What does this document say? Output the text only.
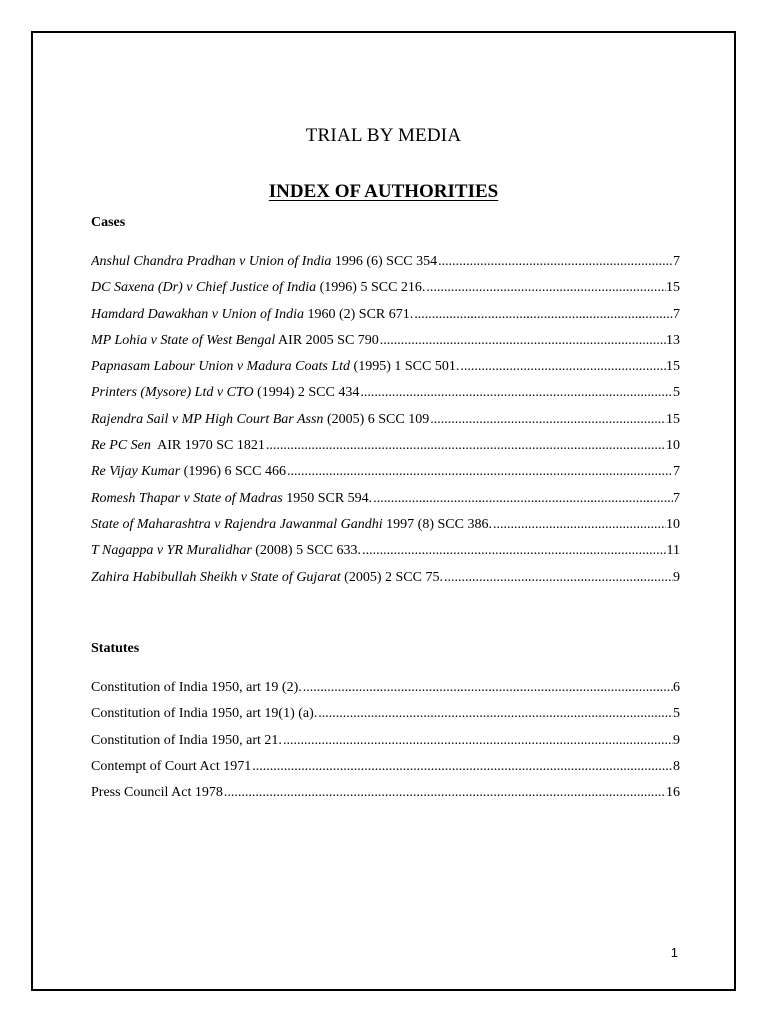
TRIAL BY MEDIA
INDEX OF AUTHORITIES
Cases
Anshul Chandra Pradhan v Union of India 1996 (6) SCC 354 .....	7
DC Saxena (Dr) v Chief Justice of India (1996) 5 SCC 216. .....	15
Hamdard Dawakhan v Union of India 1960 (2) SCR 671. .....	7
MP Lohia v State of West Bengal AIR 2005 SC 790 .....	13
Papnasam Labour Union v Madura Coats Ltd (1995) 1 SCC 501. .....	15
Printers (Mysore) Ltd v CTO (1994) 2 SCC 434 .....	5
Rajendra Sail v MP High Court Bar Assn (2005) 6 SCC 109 .....	15
Re PC Sen  AIR 1970 SC 1821 .....	10
Re Vijay Kumar (1996) 6 SCC 466 .....	7
Romesh Thapar v State of Madras 1950 SCR 594. .....	7
State of Maharashtra v Rajendra Jawanmal Gandhi 1997 (8) SCC 386. .....	10
T Nagappa v YR Muralidhar (2008) 5 SCC 633. .....	11
Zahira Habibullah Sheikh v State of Gujarat (2005) 2 SCC 75. .....	9
Statutes
Constitution of India 1950, art 19 (2). .....	6
Constitution of India 1950, art 19(1) (a). .....	5
Constitution of India 1950, art 21. .....	9
Contempt of Court Act 1971 .....	8
Press Council Act 1978 .....	16
1
